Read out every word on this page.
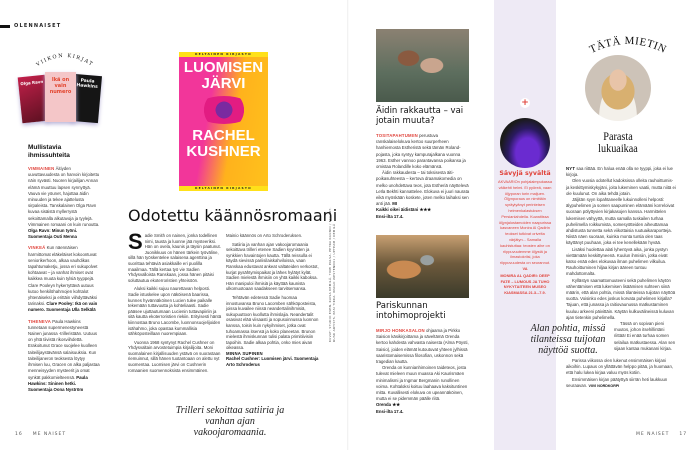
OLENNAISET
VIIKON KIRJAT
Olga Ravn	Ikä on vain numero
Paula Hawkins
Mullistavia ihmissuhteita

VIMMAINEN Äitiyden uuvuttavuudesta on harvoin kirjoitettu näin syvästi. Nuoren kirjailijan Annan elämä muuttuu lapsen synnyttyä. Vauva vie yöunet, hajottaa äidin minuuden ja tekee ajattelusta sirpaleista. Tanskalainen Olga Ravn kuvaa sisäistä myllerrystä sekoittamalla alkutavoja ja tyylejä. Vimmainen romaani on kuin runoutta. Olga Ravn: Minun työni. Suomentaja Outi Menna

VINKEÄ Kun näennäisen harmittomat eläkeläiset kokoontuvat seniorikerhoon, alkaa vauhdikas tapahtumaketju, jossa eri sukupolvet kohtaavat – ja vanhat ihmiset ovat kaikkea muuta kuin tylsiä tyyppejä. Clare Pooleyn hykerryttävä uutuus kutoo henkilöhahmojen kohtalot yhtenäiseksi ja erittäin viihdyttäväksi tarinaksi. Clare Pooley: Ikä on vain numero. Suomentaja Ulla Selkälä

TIHENEVA Paula Hawkins tunnetaan supermenestyneestä Nainen junassa -trilleristään. Uutuus on yhtä tiivistä rikosviihdettä. Erakoitunut Grace suojelee kuolleen taiteilijaystävänsä salaisuuksia. Kun taiteilijaneron teoksesta löytyy ihmisen luu, Gracen on alka paljastaa menneisyyden mysteerit ja omat synkät pakkomielteensä. Paula Hawkins: Sininen hetki. Suomentaja Oona Nyström

KELTAINEN KIRJASTO
LUOMISEN
JÄRVI
RACHEL
KUSHNER
KELTAINEN KIRJASTO
Odotettu käännösromaani

Sadie Smith on nainen, jonka todellinen nimi, tausta ja luonne jää mysteeriksi. Hän on ovela, kaunis ja täysin paatunut. Juonikkuus on hänen tärkein työväline, sillä hän työskentelee salaisena agenttina ja suorittaa tehtäviä asiakkaille eri puolilla maailmaa. Tällä kertaa työ vie Sadien Yhdysvalloista Ranskaan, jossa hänen pitäisi soluttautua ekoterroristien yhteisöön.

Aluksi kaikki sujuu naurettavan helposti. Sadie istuskelee upon näköisenä baarissa, kunnes hyvännäköinen Lucien tulee paikalle tekemään tuttavuutta ja kohteliaasti. Sadie pääsee ujuttautumaan Lucienin tuttavapiiriin ja sitä kautta ekoterroristien riekiin. Erityisesti häntä kiinnostaa Bruno Lacombe, luonnonsuojelijoiden isähahmo, joka opastaa kummallisia sähköposteillaan nuorempiaan.

Vuonna 1968 syntynyt Rachel Cushner on Yhdysvaltain arvostetuimpia kirjailijoita. Moni suomalainen kirjallisuuden ystävä on suorastaan riemuinnut, sillä hänen tuotantoaan on alettu nyt suomentaa. Luomisen järvi on Cushnerin romaanien suomennoksista ensimmäinen.

Mainio käännös on Arto Schroderuksen.

Satiiria ja vanhan ajan vakoojaromaania sekoittava trilleri etenee Sadien kyynisten ja synkkien havaintojen kautta. Tällä reissulla ei käydä sievissä pariisilaiskahviloissa, vaan Ranskaa edustavat ankeat valtateiden verkostot, kurjat pysähtymispaikat ja lähes hylätyt kylät. Sadien mielestä ihmisiin on yhtä kaikki kaboksa. Hän manipuloi ihmisiä ja käyttää kaunista ulkomuotoaan saadakseen tarvitsemansa.

Tehtävän edetessä Sadie huomaa innostuvansa Bruno Lacomben sähköposteista, joissa kuvailee niissä neandertalinihmisiä, sukupuuttoon kuollutta ihmislajia. Neandertalit osasivat elää viisaasti ja sopusoinnussa luonnon kanssa, toisin kuin nykyihmiset, jotka ovat tuhoamassa itsensä ja koko planeetan. Brunon mielestä ihmiskunnan tulisi palata primitiivisiin tapoihin. Sadie alkaa pohtia, onko mies aivan oikeassa.

MINNA SUPINEN
Rachel Cushner: Luomisen järvi. Suomentaja Arto Schroderus
Trilleri sekoittaa satiiria ja vanhan ajan vakoojaromaania.
KUVAT: STUDIO EVEN, KAISA KEMILÄ, TOMI PALSA, PETRA KAUNIO / ESCORT, RUSK ARTISTS, PASI TIKKA, IMAGO WESTEND61 / UPTEAM / KEMILÄ
Äidin rakkautta – vai jotain muuta?
TOSITAPAHTUMIIN perustuva ranskalaiselokuva kertoo suurperheen hanhiemosta Estheristä sekä tämän Roland-pojasta, joka syntyy kampurajalkana vuonna 1963. Esther vannoo parantavansa poikansa ja omistaa Rolandille koko elämänsä.
Äidin rakkaudesta – tai toksisesta äiti-poikasuhteesta – kertova draamakomedia on melko unohdettava teos, jota Estheriä näyttelevä Leïla Bekhti kannattelee. Elokuva ei juuri naurata eikä myöskään koskete, joten melko laihaksi sen anti jää. MI
Kaikki oikei äidistäni ★★★
Ensi-ilta 17.4.
Pariskunnan intohimoprojekti
MIRJO HONKASALON ohjaama ja Pirkko Saision käsikirjoittama ja säveltämä Orenda kertoo kahdesta vahvasta naisesta (Alma Pöysti, Saisio), joiden elämät kutoutuvat yhteen jylhissä saaristomaisemissa filosofian, uskonnon sekä tragedian kautta.
Orenda on kunnianhimoinen taideteos, josta tulevat mieleen muun muassa Aki Kaurismäen minimalismi ja Ingmar Bergmanin runollinen voima. Kohtaloksi koituu laahaava kaksituntinen mitta. Kuvallisesti elokuva on upeannäköinen, mutta ei se pidemmän päälle riitä.
Orenda ★★
Ensi-ilta 17.4.
+
Sävyjä syvältä
AKVAARIOn pohjalaimpukassa välkehti helmi. Ei pyöreä, vaan öljyporan torin maljuen. Öljynporaus on nimittäin syräytyänyt perinteisen helmenkalastuksen Persianlahdella. Kuwaitissa öljynjalostamoiden naapurissa kasvaneen Monira Al Qadirin teokset tutkivat orivelta värjätyn... Samalla kauhistuttaa: teosten aihe on riippuvuutemme öljystä ja ilmastokriisi, joka riippuvuudesta on seurannut. VA
MONIRA AL QADIRI: DEEP FATE – LUMOUS JA TUHO NYKYTAITEEN MUSEO KIASMASSA 21.3.–7.9.
TÄTÄ MIETIN
Parasta
lukuaikaa
NYT saa riittää. En halua enää olla se tyyppi, joka ei lue kirjoja.
Olen vuosia odotellut kadoksissa olleita rauhoittumis- ja keskittymiskykyjäni, joita lukeminen vaatii, mutta niitä ei ole kuulunut. On aika tehdä jotain.
Jäljitän syyn lopahtaneelle lukuinnolleni helposti: älypuhelimen ja somen saapuminen elämääni korreloivat suoraan pölyttyvien kirjakasojen kanssa. Harmittelen lukemisen vähyyttä, mutta samalla tuskailen turhaa puhelimella roikkumista, somesyötteiden aiheuttamaa ahdistusta tunnetta sekä viikottaisia ruutuaikaraportteja. Niistä näen suoraan, kuinka monta tuntia olen taas käyttänyt puuhaan, joka ei tee kenellekään hyvää.
Lisäksi huolettaa alati lyhentyvä aika, jonka pystyn viettämään keskittyneenä. Kuulun ihmisiin, jotka eivät katso enää edes elokuvaa ilman puhelimen vilkuilua. Rauhoittuminen hiljaa kirjan ääreen tuntuu mahdottomalta.
Kyllästyn saamattomuuteeni sekä puhelimen käytön vähentämisen että lukemisen lisäämisen suhteen siinä määrin, että alan pohtia, missä tilanteissa tuijotan näyttöä suotta. Voisinko edes joskus korvata puhelimen kirjalla? Tajuan, että junassa ja raitiovaunussa matkustaminen kuuluu arkeeni päivittäin. Käytän kulkuvälineissä kuluvan ajan tietenkin puhelimella.
Alan pohtia, missä tilanteissa tuijotan näyttöä suotta.
Tässä on sopivan pieni muutos, johon itsehillintäni riittää! Ei enää turhaa somen selailua matkustaessa. Alan sen sijaan kantaa mukanani kirjaa.
Parissa viikossa olen lukenut ensimmäisen kirjani aikoihin. Lupaus on yllättävän helppo pitää, ja huomaan, että halu lukea kirjaa valuu myös kotiin.
Ensimmäisen kirjan päätyttyä siirrän heti laukkuun seuraavan. VIIVI NORDKORPI
16 ME NAISET	ME NAISET 17
